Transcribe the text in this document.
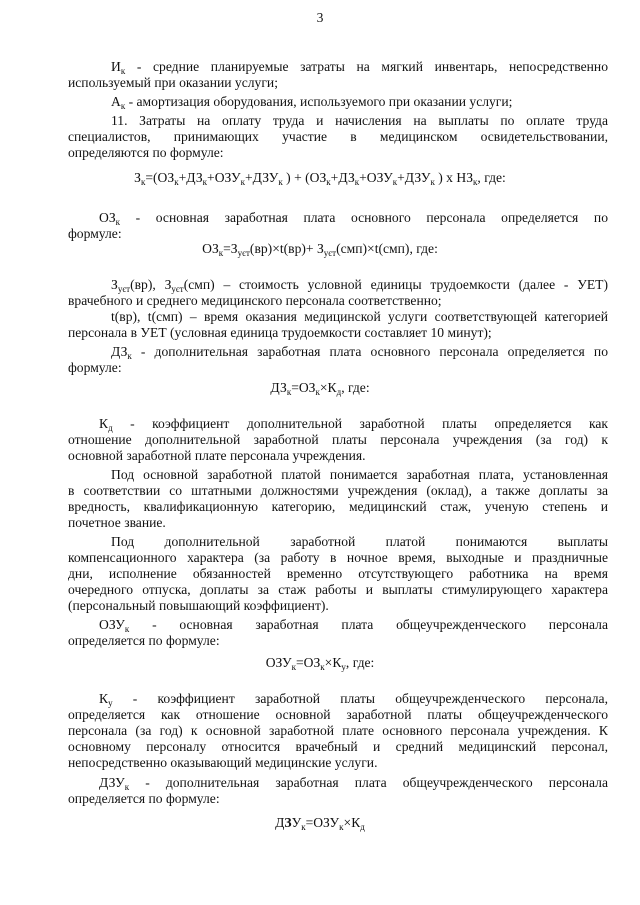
3
$И_к$ - средние планируемые затраты на мягкий инвентарь, непосредственно
используемый при оказании услуги;
$А_к$ - амортизация оборудования, используемого при оказании услуги;
11. Затраты на оплату труда и начисления на выплаты по оплате труда
специалистов, принимающих участие в медицинском освидетельствовании,
определяются по формуле:
$З_к=(ОЗ_к+ДЗ_к+ОЗУ_к+ДЗУ_к$ ) + ($ОЗ_к+ДЗ_к+ОЗУ_к+ДЗУ_к$ ) х $НЗ_к$, где:
$ОЗ_к$ - основная заработная плата основного персонала определяется по
формуле:
$ОЗ_к=З_{уєт}(вр)\times t(вр)+ З_{уєт}(смп)\times t(смп)$, где:
$З_{уєт}(вр)$, $З_{уєт}(смп)$ – стоимость условной единицы трудоемкости (далее - УЕТ)
врачебного и среднего медицинского персонала соответственно;
t(вр), t(смп) – время оказания медицинской услуги соответствующей категорией
персонала в УЕТ (условная единица трудоемкости составляет 10 минут);
$ДЗ_к$ - дополнительная заработная плата основного персонала определяется по
формуле:
$ДЗ_к=ОЗ_к\times К_д$, где:
$К_д$ - коэффициент дополнительной заработной платы определяется как
отношение дополнительной заработной платы персонала учреждения (за год) к
основной заработной плате персонала учреждения.
Под основной заработной платой понимается заработная плата, установленная
в соответствии со штатными должностями учреждения (оклад), а также доплаты за
вредность, квалификационную категорию, медицинский стаж, ученую степень и
почетное звание.
Под дополнительной заработной платой понимаются выплаты
компенсационного характера (за работу в ночное время, выходные и праздничные
дни, исполнение обязанностей временно отсутствующего работника на время
очередного отпуска, доплаты за стаж работы и выплаты стимулирующего характера
(персональный повышающий коэффициент).
$ОЗУ_к$ - основная заработная плата общеучрежденческого персонала
определяется по формуле:
$ОЗУ_к=ОЗ_к\times К_у$, где:
$К_у$ - коэффициент заработной платы общеучрежденческого персонала,
определяется как отношение основной заработной платы общеучрежденческого
персонала (за год) к основной заработной плате основного персонала учреждения. К
основному персоналу относится врачебный и средний медицинский персонал,
непосредственно оказывающий медицинские услуги.
$ДЗУ_к$ - дополнительная заработная плата общеучрежденческого персонала
определяется по формуле:
$ДЗУ_к=ОЗУ_к\times К_д$
